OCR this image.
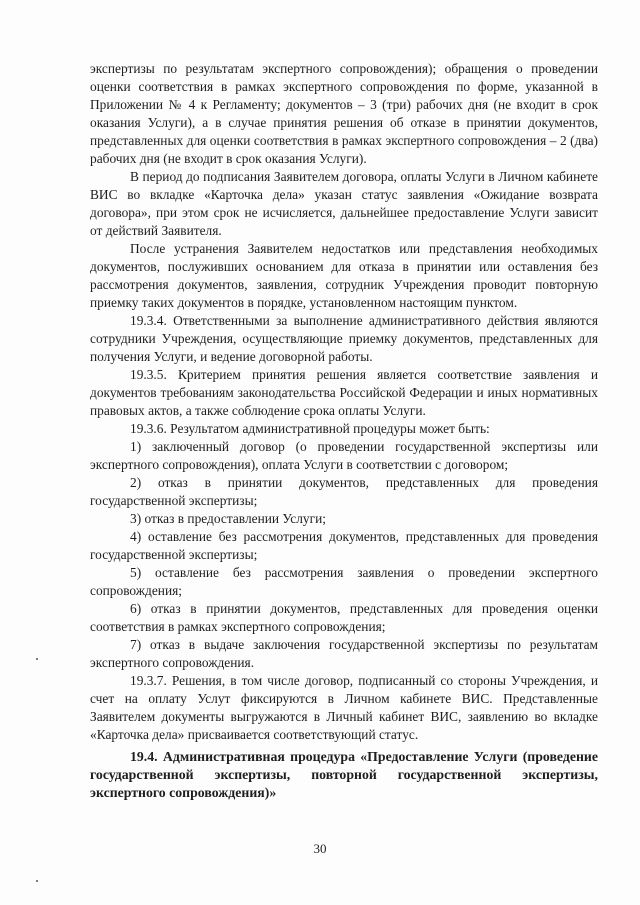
экспертизы по результатам экспертного сопровождения); обращения о проведении оценки соответствия в рамках экспертного сопровождения по форме, указанной в Приложении № 4 к Регламенту; документов – 3 (три) рабочих дня (не входит в срок оказания Услуги), а в случае принятия решения об отказе в принятии документов, представленных для оценки соответствия в рамках экспертного сопровождения – 2 (два) рабочих дня (не входит в срок оказания Услуги).

В период до подписания Заявителем договора, оплаты Услуги в Личном кабинете ВИС во вкладке «Карточка дела» указан статус заявления «Ожидание возврата договора», при этом срок не исчисляется, дальнейшее предоставление Услуги зависит от действий Заявителя.

После устранения Заявителем недостатков или представления необходимых документов, послуживших основанием для отказа в принятии или оставления без рассмотрения документов, заявления, сотрудник Учреждения проводит повторную приемку таких документов в порядке, установленном настоящим пунктом.

19.3.4. Ответственными за выполнение административного действия являются сотрудники Учреждения, осуществляющие приемку документов, представленных для получения Услуги, и ведение договорной работы.

19.3.5. Критерием принятия решения является соответствие заявления и документов требованиям законодательства Российской Федерации и иных нормативных правовых актов, а также соблюдение срока оплаты Услуги.

19.3.6. Результатом административной процедуры может быть:

1) заключенный договор (о проведении государственной экспертизы или экспертного сопровождения), оплата Услуги в соответствии с договором;

2) отказ в принятии документов, представленных для проведения государственной экспертизы;

3) отказ в предоставлении Услуги;

4) оставление без рассмотрения документов, представленных для проведения государственной экспертизы;

5) оставление без рассмотрения заявления о проведении экспертного сопровождения;

6) отказ в принятии документов, представленных для проведения оценки соответствия в рамках экспертного сопровождения;

7) отказ в выдаче заключения государственной экспертизы по результатам экспертного сопровождения.

19.3.7. Решения, в том числе договор, подписанный со стороны Учреждения, и счет на оплату Услут фиксируются в Личном кабинете ВИС. Представленные Заявителем документы выгружаются в Личный кабинет ВИС, заявлению во вкладке «Карточка дела» присваивается соответствующий статус.

19.4. Административная процедура «Предоставление Услуги (проведение государственной экспертизы, повторной государственной экспертизы, экспертного сопровождения)»

30
